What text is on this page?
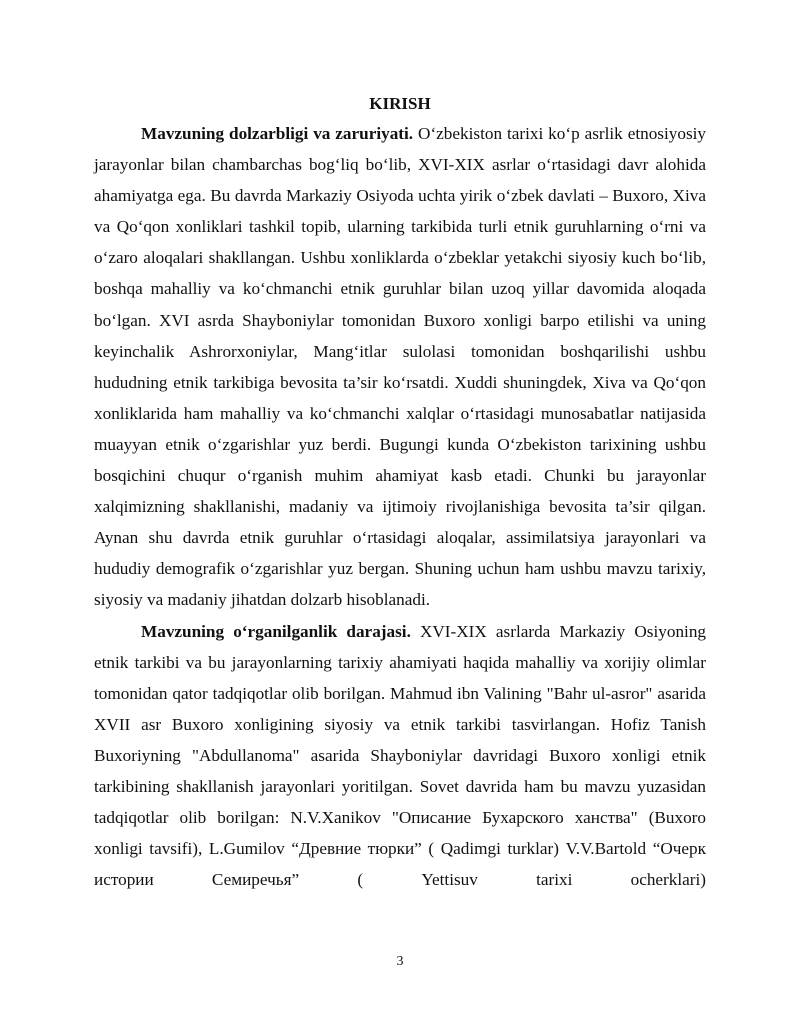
KIRISH

Mavzuning dolzarbligi va zaruriyati. O‘zbekiston tarixi ko‘p asrlik etnosiyosiy jarayonlar bilan chambarchas bog‘liq bo‘lib, XVI-XIX asrlar o‘rtasidagi davr alohida ahamiyatga ega. Bu davrda Markaziy Osiyoda uchta yirik o‘zbek davlati – Buxoro, Xiva va Qo‘qon xonliklari tashkil topib, ularning tarkibida turli etnik guruhlarning o‘rni va o‘zaro aloqalari shakllangan. Ushbu xonliklarda o‘zbeklar yetakchi siyosiy kuch bo‘lib, boshqa mahalliy va ko‘chmanchi etnik guruhlar bilan uzoq yillar davomida aloqada bo‘lgan. XVI asrda Shayboniylar tomonidan Buxoro xonligi barpo etilishi va uning keyinchalik Ashrorxoniylar, Mang‘itlar sulolasi tomonidan boshqarilishi ushbu hududning etnik tarkibiga bevosita ta’sir ko‘rsatdi. Xuddi shuningdek, Xiva va Qo‘qon xonliklarida ham mahalliy va ko‘chmanchi xalqlar o‘rtasidagi munosabatlar natijasida muayyan etnik o‘zgarishlar yuz berdi. Bugungi kunda O‘zbekiston tarixining ushbu bosqichini chuqur o‘rganish muhim ahamiyat kasb etadi. Chunki bu jarayonlar xalqimizning shakllanishi, madaniy va ijtimoiy rivojlanishiga bevosita ta’sir qilgan. Aynan shu davrda etnik guruhlar o‘rtasidagi aloqalar, assimilatsiya jarayonlari va hududiy demografik o‘zgarishlar yuz bergan. Shuning uchun ham ushbu mavzu tarixiy, siyosiy va madaniy jihatdan dolzarb hisoblanadi.

Mavzuning o‘rganilganlik darajasi. XVI-XIX asrlarda Markaziy Osiyoning etnik tarkibi va bu jarayonlarning tarixiy ahamiyati haqida mahalliy va xorijiy olimlar tomonidan qator tadqiqotlar olib borilgan. Mahmud ibn Valining "Bahr ul-asror" asarida XVII asr Buxoro xonligining siyosiy va etnik tarkibi tasvirlangan. Hofiz Tanish Buxoriyning "Abdullanoma" asarida Shayboniylar davridagi Buxoro xonligi etnik tarkibining shakllanish jarayonlari yoritilgan. Sovet davrida ham bu mavzu yuzasidan tadqiqotlar olib borilgan: N.V.Xanikov "Описание Бухарского ханства" (Buxoro xonligi tavsifi), L.Gumilov “Древние тюрки” ( Qadimgi turklar) V.V.Bartold “Очерк истории Семиречья” ( Yettisuv tarixi ocherklari)

3
